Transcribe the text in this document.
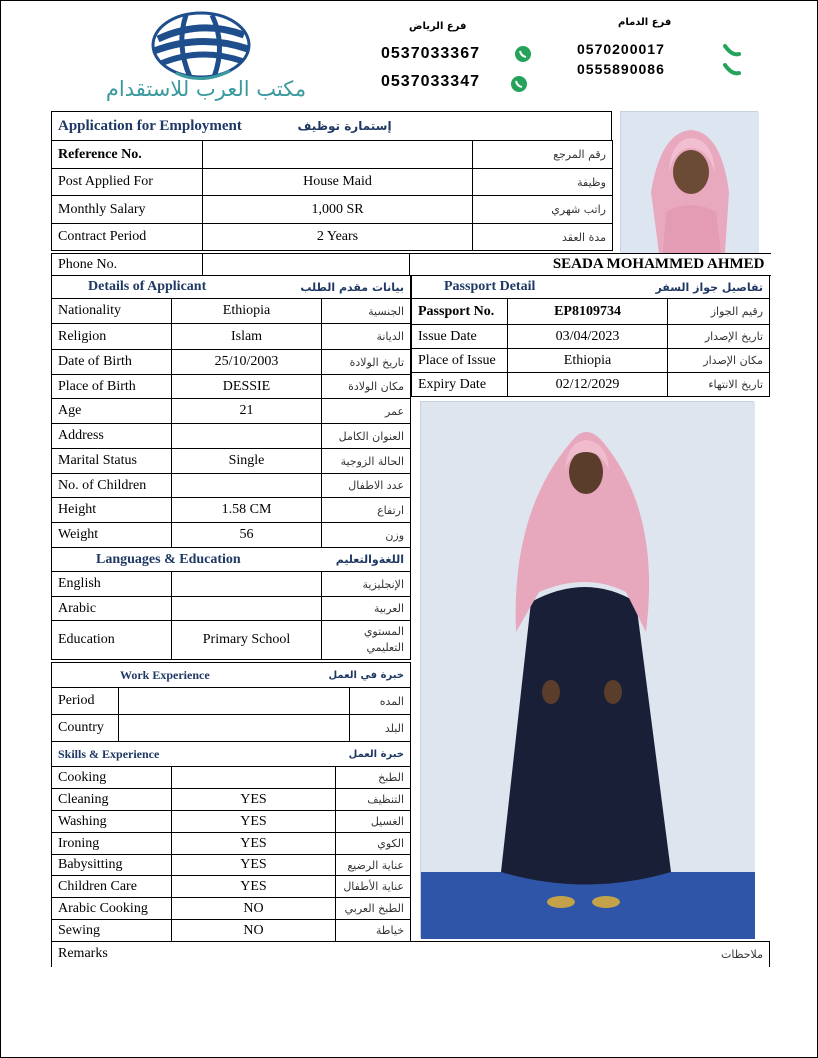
مكتب العرب للاستقدام
فرع الرياض
0537033367
0537033347
فرع الدمام
0570200017
0555890086
Application for Employment	إستمارة توظيف
Reference No.		رقم المرجع
Post Applied For	House Maid	وظيفة
Monthly Salary	1,000 SR	راتب شهري
Contract Period	2 Years	مدة العقد
Phone No.		SEADA MOHAMMED AHMED
Details of Applicant		بيانات مقدم الطلب
Nationality	Ethiopia	الجنسية
Religion	Islam	الديانة
Date of Birth	25/10/2003	تاريخ الولادة
Place of Birth	DESSIE	مكان الولادة
Age	21	عمر
Address		العنوان الكامل
Marital Status	Single	الحالة الزوجية
No. of Children		عدد الاطفال
Height	1.58 CM	ارتفاع
Weight	56	وزن
Languages & Education		اللغةوالتعليم
English		الإنجليزية
Arabic		العربية
Education	Primary School	المستوي التعليمي
Work Experience		خبرة في العمل
Period		المده
Country		البلد
Skills & Experience		خبرة العمل
Cooking		الطبخ
Cleaning	YES	التنظيف
Washing	YES	الغسيل
Ironing	YES	الكوي
Babysitting	YES	عناية الرضيع
Children Care	YES	عناية الأطفال
Arabic Cooking	NO	الطبخ العربي
Sewing	NO	خياطة
Remarks	ملاحظات
Passport Detail		تفاصيل جواز السفر
Passport No.	EP8109734	رقيم الجواز
Issue Date	03/04/2023	تاريخ الإصدار
Place of Issue	Ethiopia	مكان الإصدار
Expiry Date	02/12/2029	تاريخ الانتهاء
